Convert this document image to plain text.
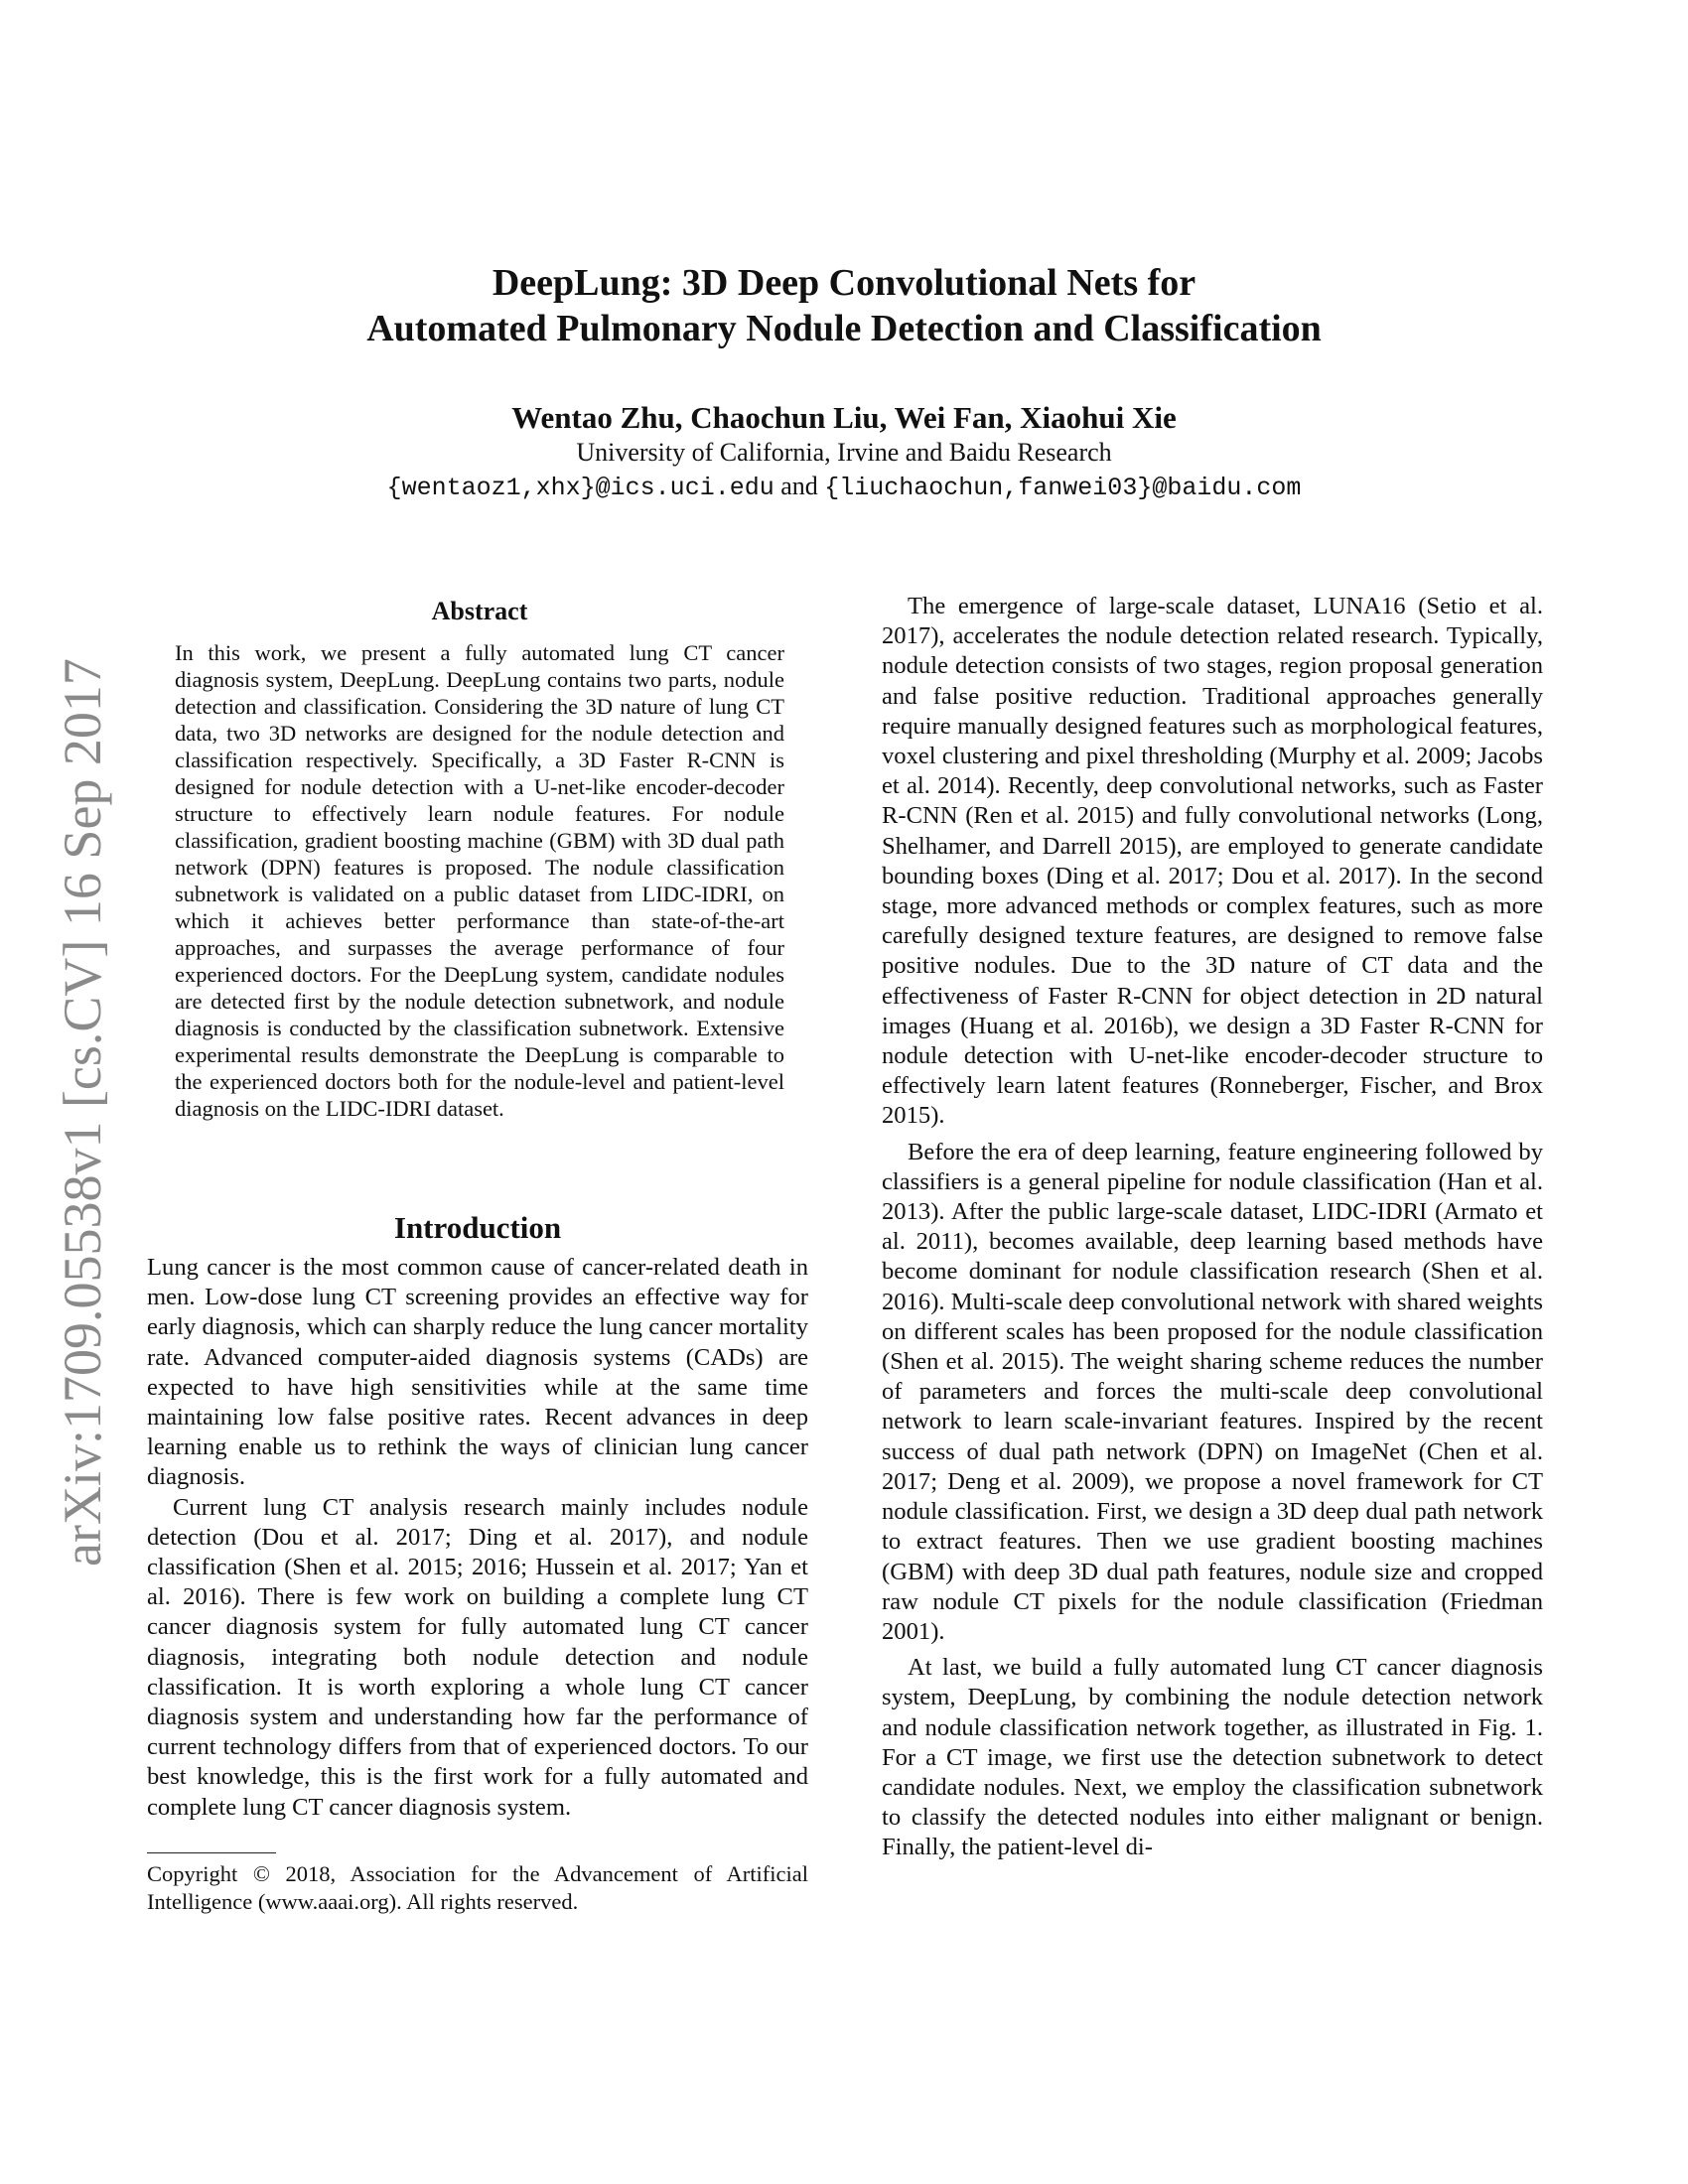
arXiv:1709.05538v1 [cs.CV] 16 Sep 2017
DeepLung: 3D Deep Convolutional Nets for
Automated Pulmonary Nodule Detection and Classification
Wentao Zhu, Chaochun Liu, Wei Fan, Xiaohui Xie
University of California, Irvine and Baidu Research
{wentaoz1,xhx}@ics.uci.edu and {liuchaochun,fanwei03}@baidu.com
Abstract
In this work, we present a fully automated lung CT cancer diagnosis system, DeepLung. DeepLung contains two parts, nodule detection and classification. Considering the 3D nature of lung CT data, two 3D networks are designed for the nodule detection and classification respectively. Specifically, a 3D Faster R-CNN is designed for nodule detection with a U-net-like encoder-decoder structure to effectively learn nodule features. For nodule classification, gradient boosting machine (GBM) with 3D dual path network (DPN) features is proposed. The nodule classification subnetwork is validated on a public dataset from LIDC-IDRI, on which it achieves better performance than state-of-the-art approaches, and surpasses the average performance of four experienced doctors. For the DeepLung system, candidate nodules are detected first by the nodule detection subnetwork, and nodule diagnosis is conducted by the classification subnetwork. Extensive experimental results demonstrate the DeepLung is comparable to the experienced doctors both for the nodule-level and patient-level diagnosis on the LIDC-IDRI dataset.
Introduction

Lung cancer is the most common cause of cancer-related death in men. Low-dose lung CT screening provides an effective way for early diagnosis, which can sharply reduce the lung cancer mortality rate. Advanced computer-aided diagnosis systems (CADs) are expected to have high sensitivities while at the same time maintaining low false positive rates. Recent advances in deep learning enable us to rethink the ways of clinician lung cancer diagnosis.

Current lung CT analysis research mainly includes nodule detection (Dou et al. 2017; Ding et al. 2017), and nodule classification (Shen et al. 2015; 2016; Hussein et al. 2017; Yan et al. 2016). There is few work on building a complete lung CT cancer diagnosis system for fully automated lung CT cancer diagnosis, integrating both nodule detection and nodule classification. It is worth exploring a whole lung CT cancer diagnosis system and understanding how far the performance of current technology differs from that of experienced doctors. To our best knowledge, this is the first work for a fully automated and complete lung CT cancer diagnosis system.

Copyright © 2018, Association for the Advancement of Artificial Intelligence (www.aaai.org). All rights reserved.

The emergence of large-scale dataset, LUNA16 (Setio et al. 2017), accelerates the nodule detection related research. Typically, nodule detection consists of two stages, region proposal generation and false positive reduction. Traditional approaches generally require manually designed features such as morphological features, voxel clustering and pixel thresholding (Murphy et al. 2009; Jacobs et al. 2014). Recently, deep convolutional networks, such as Faster R-CNN (Ren et al. 2015) and fully convolutional networks (Long, Shelhamer, and Darrell 2015), are employed to generate candidate bounding boxes (Ding et al. 2017; Dou et al. 2017). In the second stage, more advanced methods or complex features, such as more carefully designed texture features, are designed to remove false positive nodules. Due to the 3D nature of CT data and the effectiveness of Faster R-CNN for object detection in 2D natural images (Huang et al. 2016b), we design a 3D Faster R-CNN for nodule detection with U-net-like encoder-decoder structure to effectively learn latent features (Ronneberger, Fischer, and Brox 2015).

Before the era of deep learning, feature engineering followed by classifiers is a general pipeline for nodule classification (Han et al. 2013). After the public large-scale dataset, LIDC-IDRI (Armato et al. 2011), becomes available, deep learning based methods have become dominant for nodule classification research (Shen et al. 2016). Multi-scale deep convolutional network with shared weights on different scales has been proposed for the nodule classification (Shen et al. 2015). The weight sharing scheme reduces the number of parameters and forces the multi-scale deep convolutional network to learn scale-invariant features. Inspired by the recent success of dual path network (DPN) on ImageNet (Chen et al. 2017; Deng et al. 2009), we propose a novel framework for CT nodule classification. First, we design a 3D deep dual path network to extract features. Then we use gradient boosting machines (GBM) with deep 3D dual path features, nodule size and cropped raw nodule CT pixels for the nodule classification (Friedman 2001).

At last, we build a fully automated lung CT cancer diagnosis system, DeepLung, by combining the nodule detection network and nodule classification network together, as illustrated in Fig. 1. For a CT image, we first use the detection subnetwork to detect candidate nodules. Next, we employ the classification subnetwork to classify the detected nodules into either malignant or benign. Finally, the patient-level di-
